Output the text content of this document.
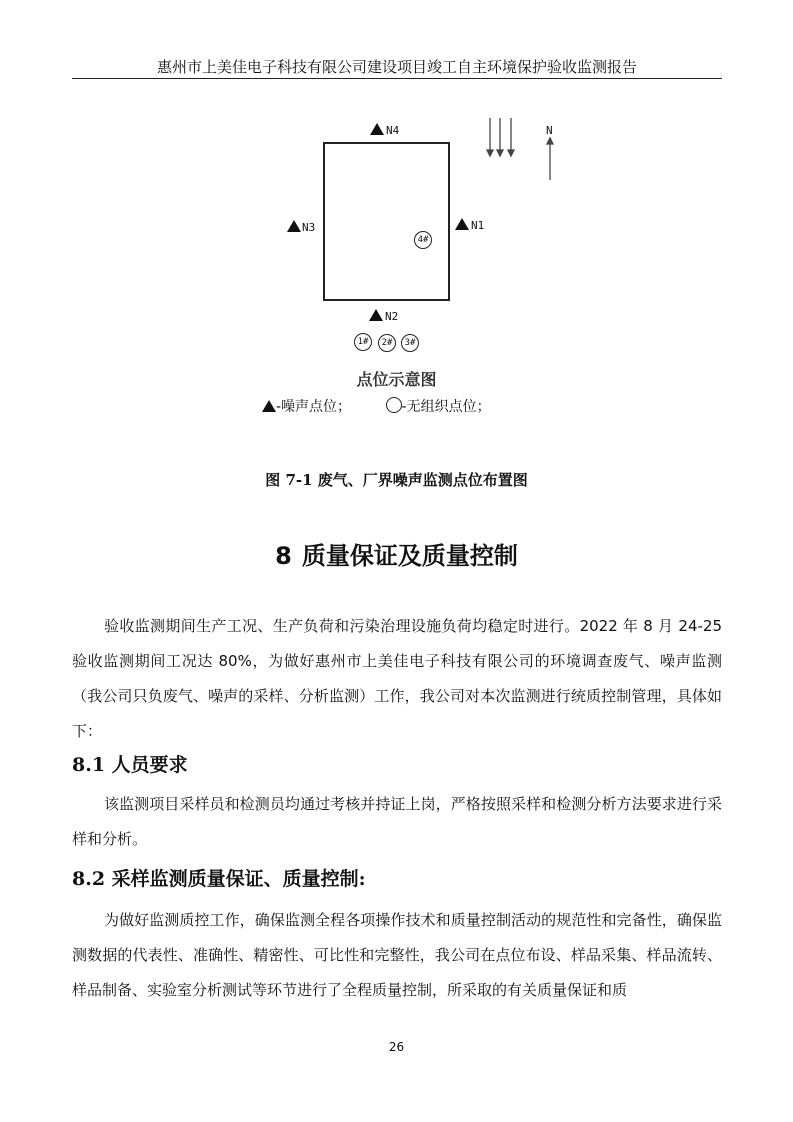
惠州市上美佳电子科技有限公司建设项目竣工自主环境保护验收监测报告
N
N4
N3	N1
N2
4#
1#	2#	3#
点位示意图
-噪声点位；	-无组织点位；
图 7-1 废气、厂界噪声监测点位布置图
8 质量保证及质量控制
验收监测期间生产工况、生产负荷和污染治理设施负荷均稳定时进行。2022 年 8 月 24-25 验收监测期间工况达 80%，为做好惠州市上美佳电子科技有限公司的环境调查废气、噪声监测（我公司只负废气、噪声的采样、分析监测）工作，我公司对本次监测进行统质控制管理，具体如下：
8.1 人员要求
该监测项目采样员和检测员均通过考核并持证上岗，严格按照采样和检测分析方法要求进行采样和分析。
8.2 采样监测质量保证、质量控制:
为做好监测质控工作，确保监测全程各项操作技术和质量控制活动的规范性和完备性，确保监测数据的代表性、准确性、精密性、可比性和完整性，我公司在点位布设、样品采集、样品流转、样品制备、实验室分析测试等环节进行了全程质量控制，所采取的有关质量保证和质
26
